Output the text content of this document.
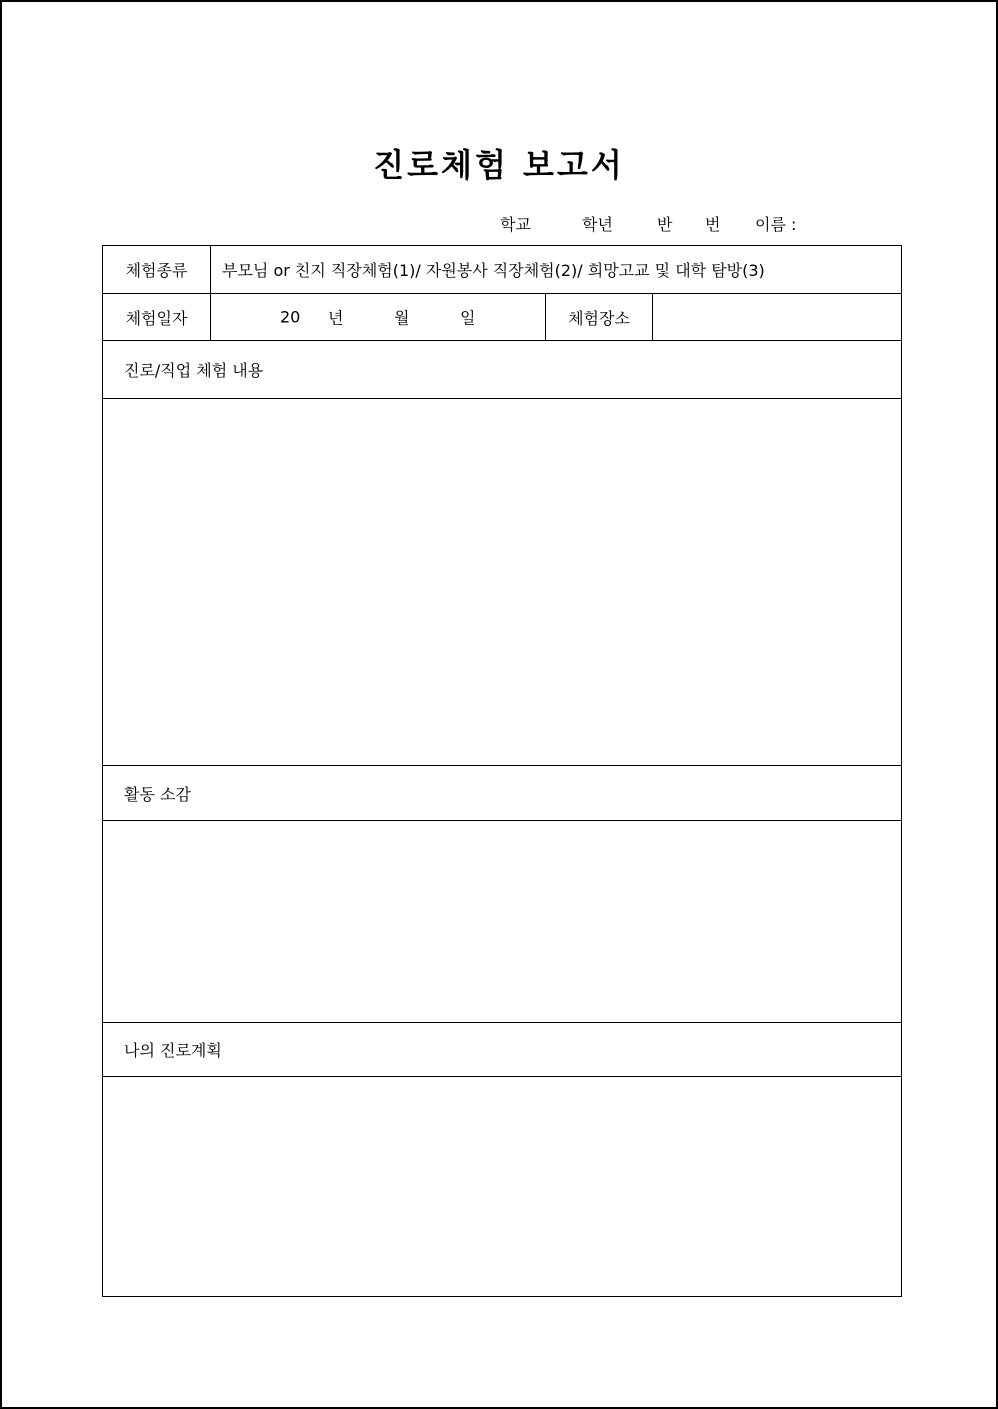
진로체험 보고서
학교	학년	반 번 이름 :
체험종류	부모님 or 친지 직장체험(1)/ 자원봉사 직장체험(2)/ 희망고교 및 대학 탐방(3)		
체험일자	20 년 월 일	체험장소	
진로/직업 체험 내용			

활동 소감			

나의 진로계획			
